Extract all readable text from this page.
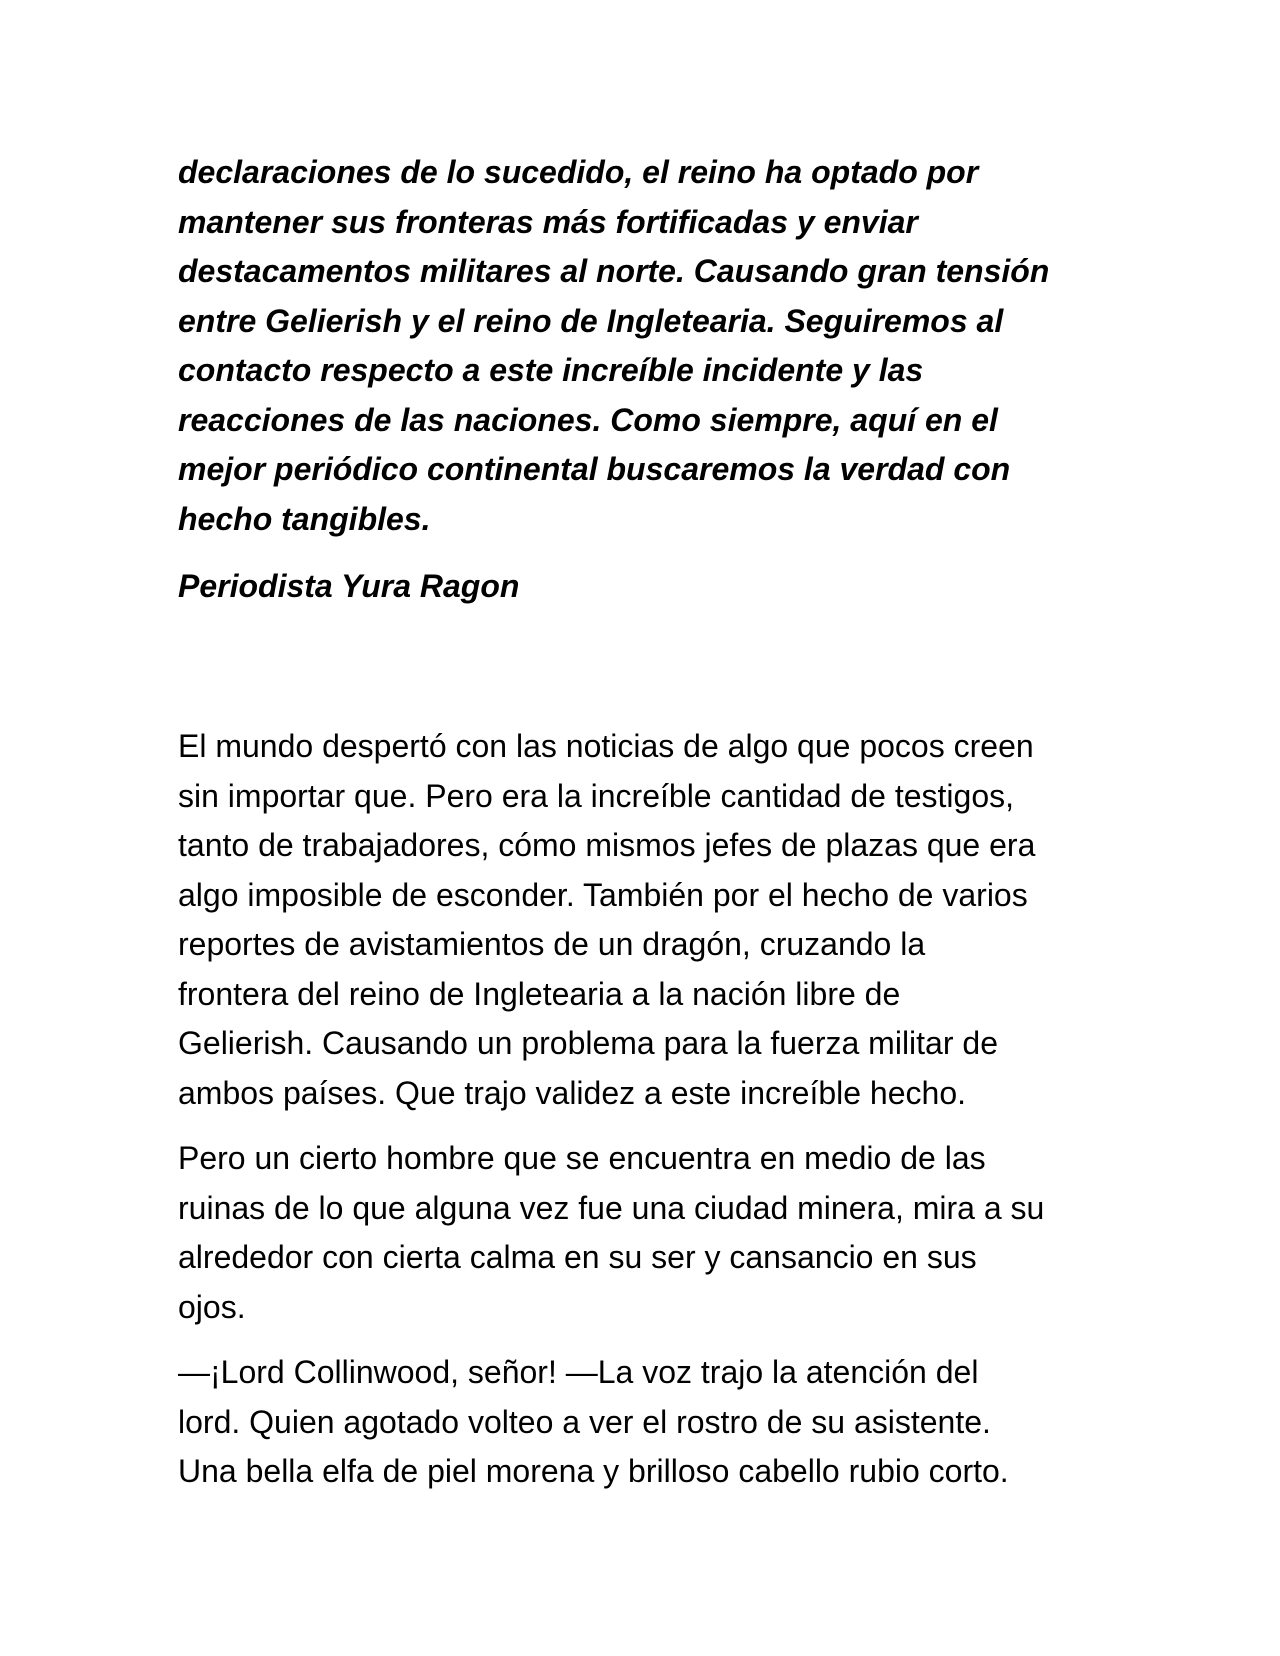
declaraciones de lo sucedido, el reino ha optado por
mantener sus fronteras más fortificadas y enviar
destacamentos militares al norte. Causando gran tensión
entre Gelierish y el reino de Ingletearia. Seguiremos al
contacto respecto a este increíble incidente y las
reacciones de las naciones. Como siempre, aquí en el
mejor periódico continental buscaremos la verdad con
hecho tangibles.

Periodista Yura Ragon

El mundo despertó con las noticias de algo que pocos creen
sin importar que. Pero era la increíble cantidad de testigos,
tanto de trabajadores, cómo mismos jefes de plazas que era
algo imposible de esconder. También por el hecho de varios
reportes de avistamientos de un dragón, cruzando la
frontera del reino de Ingletearia a la nación libre de
Gelierish. Causando un problema para la fuerza militar de
ambos países. Que trajo validez a este increíble hecho.

Pero un cierto hombre que se encuentra en medio de las
ruinas de lo que alguna vez fue una ciudad minera, mira a su
alrededor con cierta calma en su ser y cansancio en sus
ojos.

—¡Lord Collinwood, señor! —La voz trajo la atención del
lord. Quien agotado volteo a ver el rostro de su asistente.
Una bella elfa de piel morena y brilloso cabello rubio corto.
